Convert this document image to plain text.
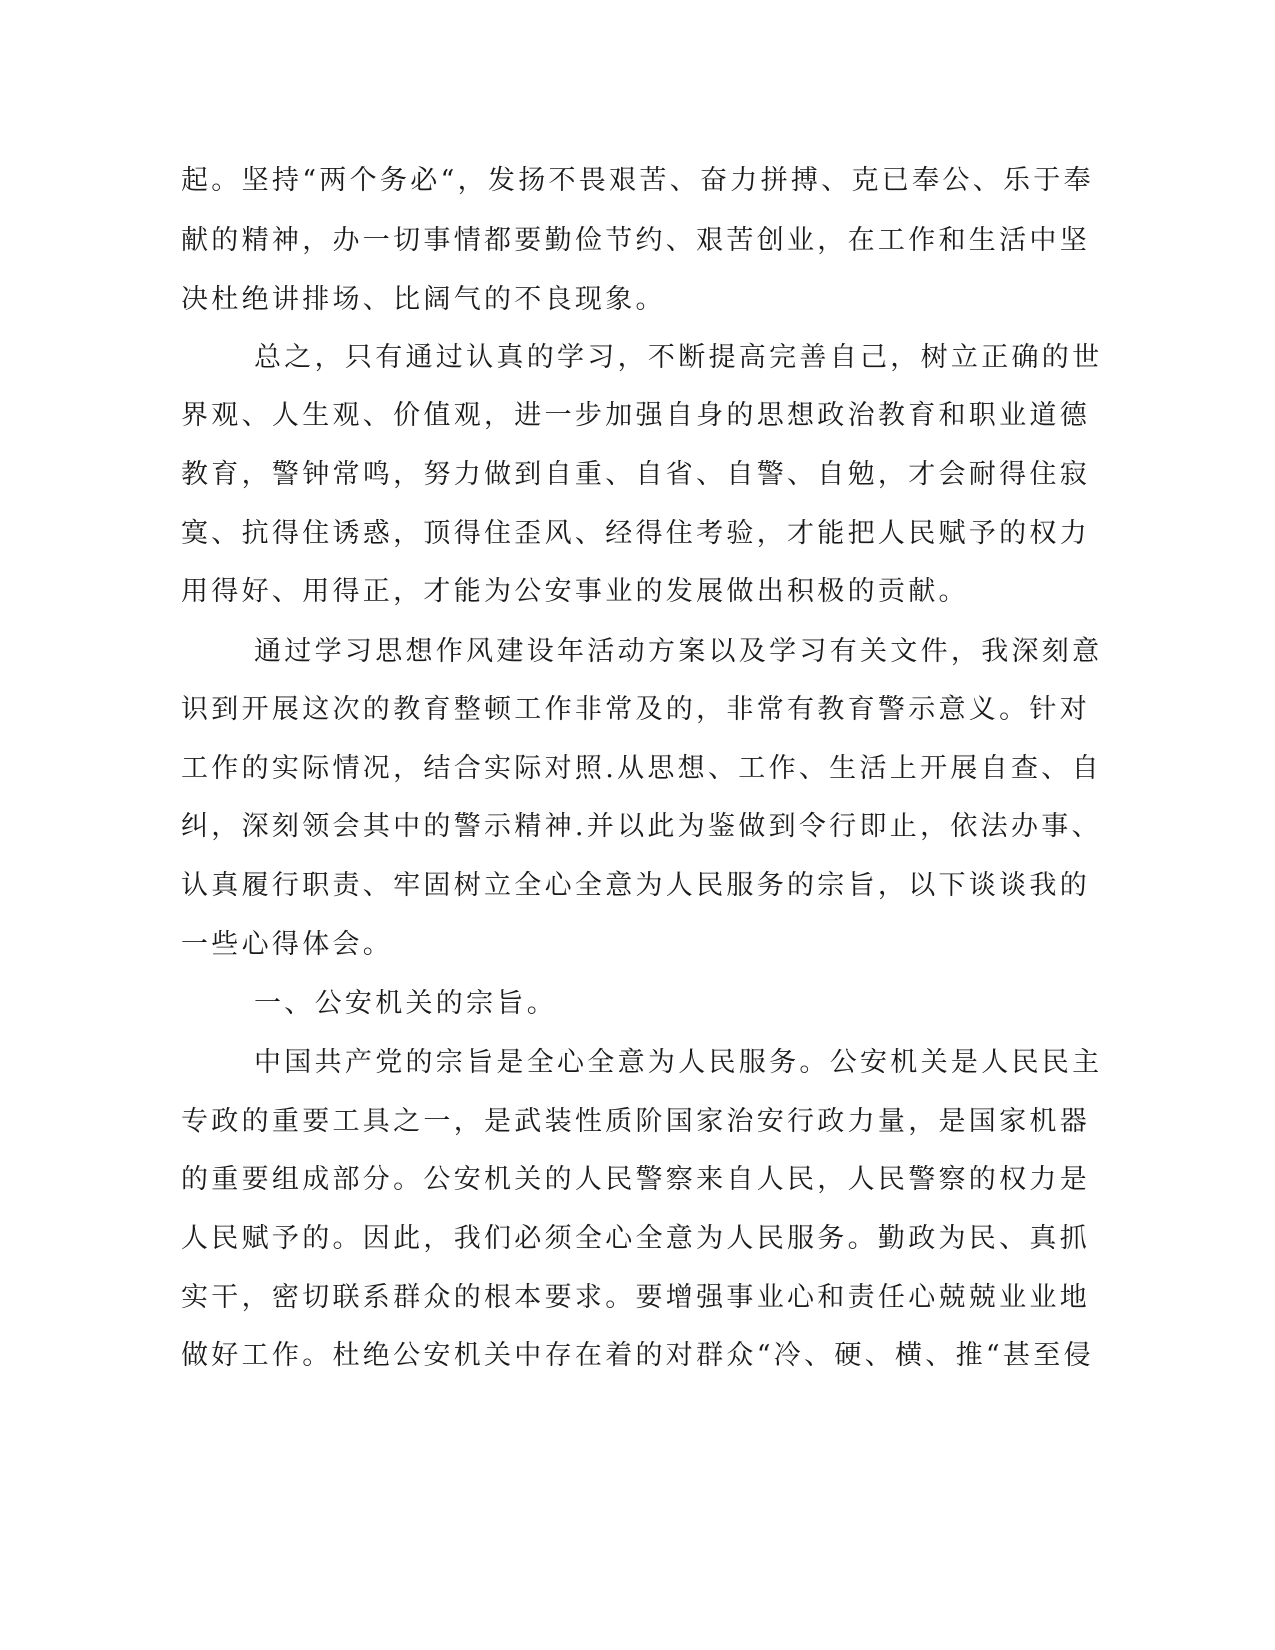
起。坚持“两个务必“，发扬不畏艰苦、奋力拼搏、克已奉公、乐于奉
献的精神，办一切事情都要勤俭节约、艰苦创业，在工作和生活中坚
决杜绝讲排场、比阔气的不良现象。
总之，只有通过认真的学习，不断提高完善自己，树立正确的世
界观、人生观、价值观，进一步加强自身的思想政治教育和职业道德
教育，警钟常鸣，努力做到自重、自省、自警、自勉，才会耐得住寂
寞、抗得住诱惑，顶得住歪风、经得住考验，才能把人民赋予的权力
用得好、用得正，才能为公安事业的发展做出积极的贡献。
通过学习思想作风建设年活动方案以及学习有关文件，我深刻意
识到开展这次的教育整顿工作非常及的，非常有教育警示意义。针对
工作的实际情况，结合实际对照.从思想、工作、生活上开展自查、自
纠，深刻领会其中的警示精神.并以此为鉴做到令行即止，依法办事、
认真履行职责、牢固树立全心全意为人民服务的宗旨，以下谈谈我的
一些心得体会。
一、公安机关的宗旨。
中国共产党的宗旨是全心全意为人民服务。公安机关是人民民主
专政的重要工具之一，是武装性质阶国家治安行政力量，是国家机器
的重要组成部分。公安机关的人民警察来自人民，人民警察的权力是
人民赋予的。因此，我们必须全心全意为人民服务。勤政为民、真抓
实干，密切联系群众的根本要求。要增强事业心和责任心兢兢业业地
做好工作。杜绝公安机关中存在着的对群众“冷、硬、横、推“甚至侵
